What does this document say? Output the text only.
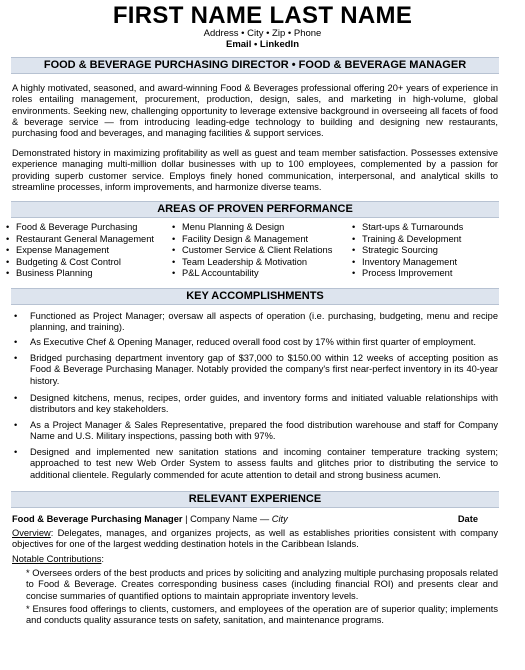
FIRST NAME LAST NAME
Address • City • Zip • Phone
Email • LinkedIn
FOOD & BEVERAGE PURCHASING DIRECTOR • FOOD & BEVERAGE MANAGER
A highly motivated, seasoned, and award-winning Food & Beverages professional offering 20+ years of experience in roles entailing management, procurement, production, design, sales, and marketing in high-volume, global environments. Seeking new, challenging opportunity to leverage extensive background in overseeing all facets of food & beverage service — from introducing leading-edge technology to building and designing new restaurants, purchasing food and beverages, and managing facilities & support services.
Demonstrated history in maximizing profitability as well as guest and team member satisfaction. Possesses extensive experience managing multi-million dollar businesses with up to 100 employees, complemented by a passion for providing superb customer service. Employs finely honed communication, interpersonal, and analytical skills to streamline processes, inform improvements, and harmonize diverse teams.
AREAS OF PROVEN PERFORMANCE
• Food & Beverage Purchasing
• Restaurant General Management
• Expense Management
• Budgeting & Cost Control
• Business Planning
• Menu Planning & Design
• Facility Design & Management
• Customer Service & Client Relations
• Team Leadership & Motivation
• P&L Accountability
• Start-ups & Turnarounds
• Training & Development
• Strategic Sourcing
• Inventory Management
• Process Improvement
KEY ACCOMPLISHMENTS
• Functioned as Project Manager; oversaw all aspects of operation (i.e. purchasing, budgeting, menu and recipe planning, and training).
• As Executive Chef & Opening Manager, reduced overall food cost by 17% within first quarter of employment.
• Bridged purchasing department inventory gap of $37,000 to $150.00 within 12 weeks of accepting position as Food & Beverage Purchasing Manager. Notably provided the company's first near-perfect inventory in its 40-year history.
• Designed kitchens, menus, recipes, order guides, and inventory forms and initiated valuable relationships with distributors and key stakeholders.
• As a Project Manager & Sales Representative, prepared the food distribution warehouse and staff for Company Name and U.S. Military inspections, passing both with 97%.
• Designed and implemented new sanitation stations and incoming container temperature tracking system; approached to test new Web Order System to assess faults and glitches prior to distributing the service to additional clientele. Regularly commended for acute attention to detail and strong business acumen.
RELEVANT EXPERIENCE
Food & Beverage Purchasing Manager | Company Name — City	Date
Overview: Delegates, manages, and organizes projects, as well as establishes priorities consistent with company objectives for one of the largest wedding destination hotels in the Caribbean Islands.
Notable Contributions:
* Oversees orders of the best products and prices by soliciting and analyzing multiple purchasing proposals related to Food & Beverage. Creates corresponding business cases (including financial ROI) and presents clear and concise summaries of quantified options to maintain appropriate inventory levels.
* Ensures food offerings to clients, customers, and employees of the operation are of superior quality; implements and conducts quality assurance tests on safety, sanitation, and maintenance programs.
